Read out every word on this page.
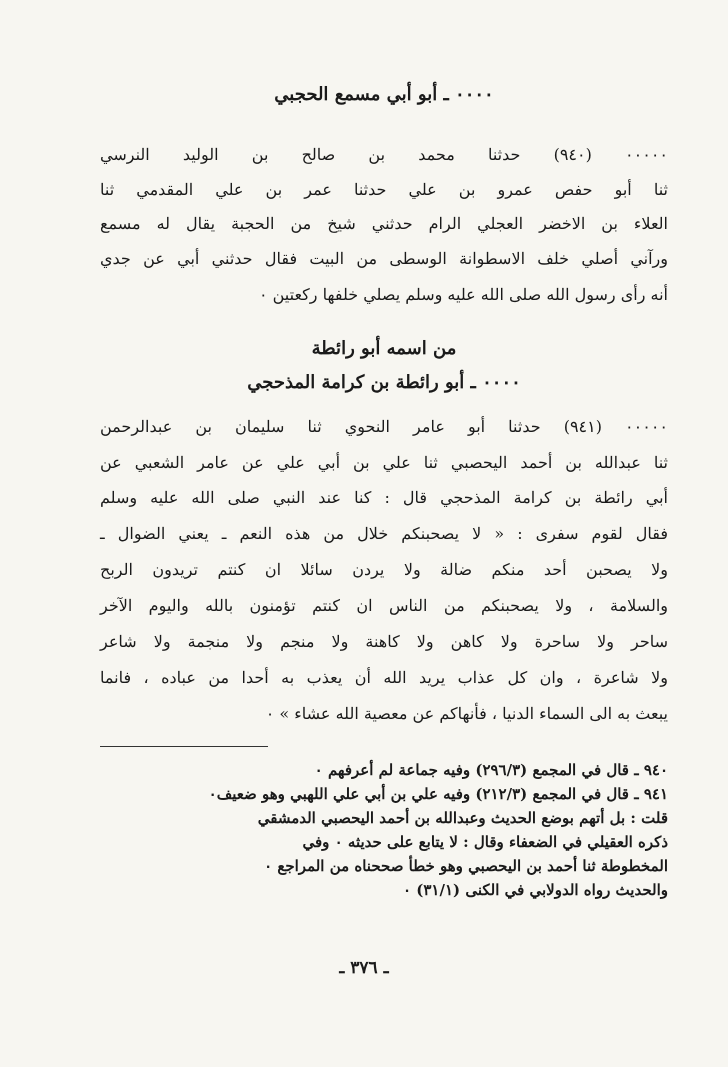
٠٠٠٠ ـ أبو أبي مسمع الحجبي
٠٠٠٠٠ (٩٤٠) حدثنا محمد بن صالح بن الوليد النرسي
ثنا أبو حفص عمرو بن علي حدثنا عمر بن علي المقدمي ثنا
العلاء بن الاخضر العجلي الرام حدثني شيخ من الحجبة يقال له مسمع
ورآني أصلي خلف الاسطوانة الوسطى من البيت فقال حدثني أبي عن جدي
أنه رأى رسول الله صلى الله عليه وسلم يصلي خلفها ركعتين ٠
من اسمه أبو رائطة
٠٠٠٠ ـ أبو رائطة بن كرامة المذحجي
٠٠٠٠٠ (٩٤١) حدثنا أبو عامر النحوي ثنا سليمان بن عبدالرحمن
ثنا عبدالله بن أحمد اليحصبي ثنا علي بن أبي علي عن عامر الشعبي عن
أبي رائطة بن كرامة المذحجي قال : كنا عند النبي صلى الله عليه وسلم
فقال لقوم سفرى : « لا يصحبنكم خلال من هذه النعم ـ يعني الضوال ـ
ولا يصحبن أحد منكم ضالة ولا يردن سائلا ان كنتم تريدون الربح
والسلامة ، ولا يصحبنكم من الناس ان كنتم تؤمنون بالله واليوم الآخر
ساحر ولا ساحرة ولا كاهن ولا كاهنة ولا منجم ولا منجمة ولا شاعر
ولا شاعرة ، وان كل عذاب يريد الله أن يعذب به أحدا من عباده ، فانما
يبعث به الى السماء الدنيا ، فأنهاكم عن معصية الله عشاء » ٠
٩٤٠ ـ قال في المجمع (٢٩٦/٣) وفيه جماعة لم أعرفهم ٠
٩٤١ ـ قال في المجمع (٢١٢/٣) وفيه علي بن أبي علي اللهبي وهو ضعيف٠
قلت : بل أتهم بوضع الحديث وعبدالله بن أحمد اليحصبي الدمشقي
ذكره العقيلي في الضعفاء وقال : لا يتابع على حديثه ٠ وفي
المخطوطة ثنا أحمد بن اليحصبي وهو خطأ صححناه من المراجع ٠
والحديث رواه الدولابي في الكنى (٣١/١) ٠
ـ ٣٧٦ ـ
